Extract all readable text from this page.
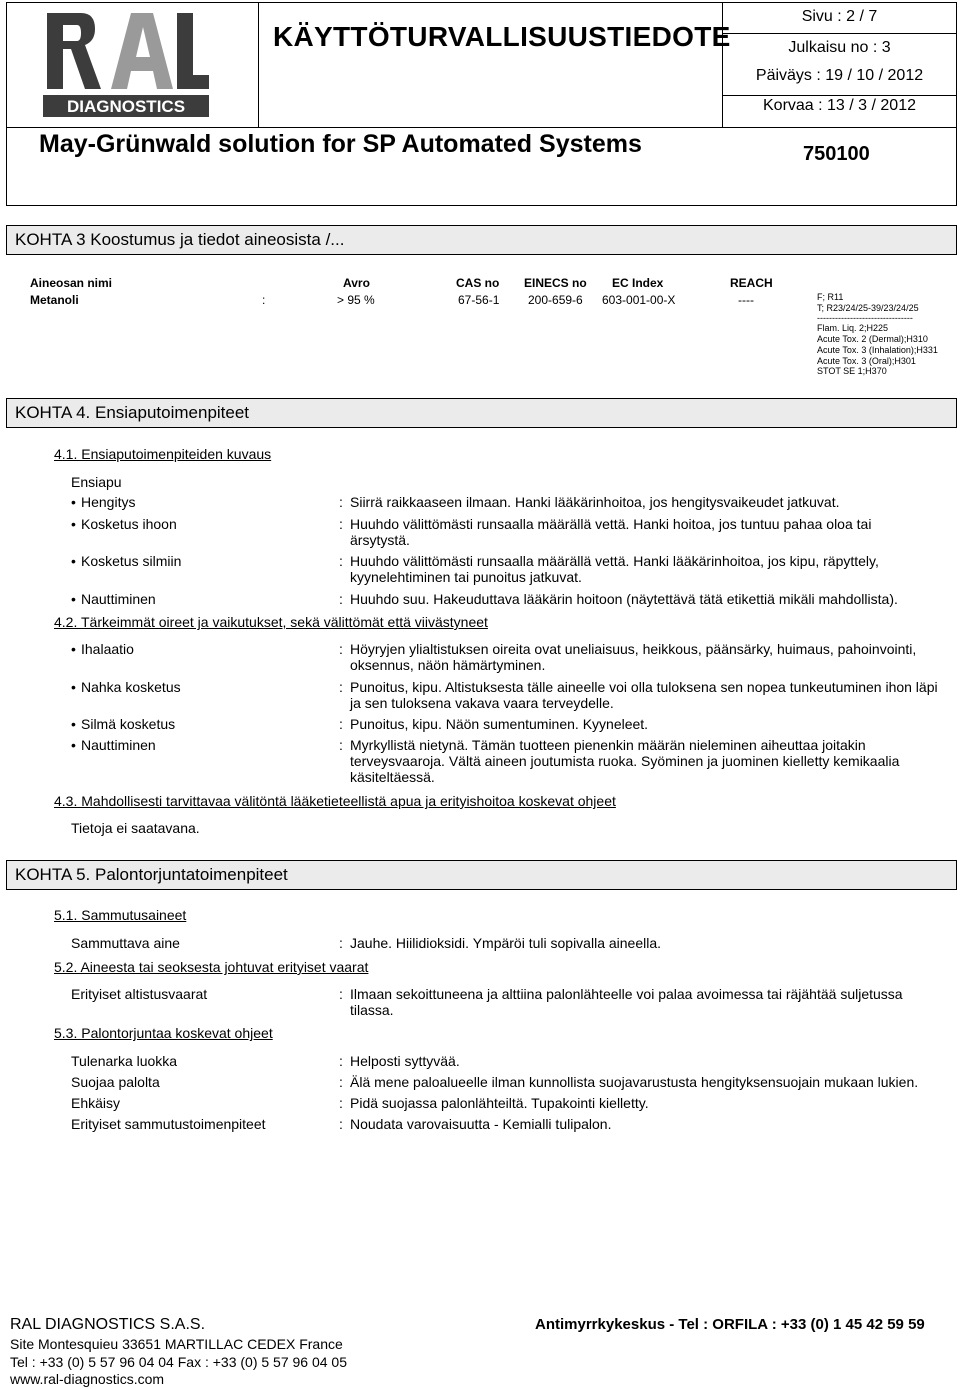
DIAGNOSTICS
KÄYTTÖTURVALLISUUSTIEDOTE
Sivu : 2 / 7
Julkaisu no : 3
Päiväys : 19 / 10 / 2012
Korvaa : 13 / 3 / 2012
May-Grünwald solution for SP Automated Systems	750100
KOHTA 3 Koostumus ja tiedot aineosista /...
Aineosan nimi	Avro	CAS no EINECS no EC Index	REACH
Metanoli	:	> 95 %	67-56-1 200-659-6 603-001-00-X	----	F; R11
T; R23/24/25-39/23/24/25
--------------------------------
Flam. Liq. 2;H225
Acute Tox. 2 (Dermal);H310
Acute Tox. 3 (Inhalation);H331
Acute Tox. 3 (Oral);H301
STOT SE 1;H370
KOHTA 4. Ensiaputoimenpiteet
4.1. Ensiaputoimenpiteiden kuvaus
Ensiapu
• Hengitys	: Siirrä raikkaaseen ilmaan. Hanki lääkärinhoitoa, jos hengitysvaikeudet jatkuvat.
• Kosketus ihoon	: Huuhdo välittömästi runsaalla määrällä vettä. Hanki hoitoa, jos tuntuu pahaa oloa tai ärsytystä.
• Kosketus silmiin	: Huuhdo välittömästi runsaalla määrällä vettä. Hanki lääkärinhoitoa, jos kipu, räpyttely, kyynelehtiminen tai punoitus jatkuvat.
• Nauttiminen	: Huuhdo suu. Hakeuduttava lääkärin hoitoon (näytettävä tätä etikettiä mikäli mahdollista).
4.2. Tärkeimmät oireet ja vaikutukset, sekä välittömät että viivästyneet
• Ihalaatio	: Höyryjen ylialtistuksen oireita ovat uneliaisuus, heikkous, päänsärky, huimaus, pahoinvointi, oksennus, näön hämärtyminen.
• Nahka kosketus	: Punoitus, kipu. Altistuksesta tälle aineelle voi olla tuloksena sen nopea tunkeutuminen ihon läpi ja sen tuloksena vakava vaara terveydelle.
• Silmä kosketus	: Punoitus, kipu. Näön sumentuminen. Kyyneleet.
• Nauttiminen	: Myrkyllistä nietynä. Tämän tuotteen pienenkin määrän nieleminen aiheuttaa joitakin terveysvaaroja. Vältä aineen joutumista ruoka. Syöminen ja juominen kielletty kemikaalia käsiteltäessä.
4.3. Mahdollisesti tarvittavaa välitöntä lääketieteellistä apua ja erityishoitoa koskevat ohjeet
Tietoja ei saatavana.
KOHTA 5. Palontorjuntatoimenpiteet
5.1. Sammutusaineet
Sammuttava aine	: Jauhe. Hiilidioksidi. Ympäröi tuli sopivalla aineella.
5.2. Aineesta tai seoksesta johtuvat erityiset vaarat
Erityiset altistusvaarat	: Ilmaan sekoittuneena ja alttiina palonlähteelle voi palaa avoimessa tai räjähtää suljetussa tilassa.
5.3. Palontorjuntaa koskevat ohjeet
Tulenarka luokka	: Helposti syttyvää.
Suojaa palolta	: Älä mene paloalueelle ilman kunnollista suojavarustusta hengityksensuojain mukaan lukien.
Ehkäisy	: Pidä suojassa palonlähteiltä. Tupakointi kielletty.
Erityiset sammutustoimenpiteet	: Noudata varovaisuutta - Kemialli tulipalon.
RAL DIAGNOSTICS S.A.S.
Site Montesquieu 33651 MARTILLAC CEDEX France
Tel : +33 (0) 5 57 96 04 04 Fax : +33 (0) 5 57 96 04 05
www.ral-diagnostics.com
Antimyrrkykeskus - Tel : ORFILA : +33 (0) 1 45 42 59 59
